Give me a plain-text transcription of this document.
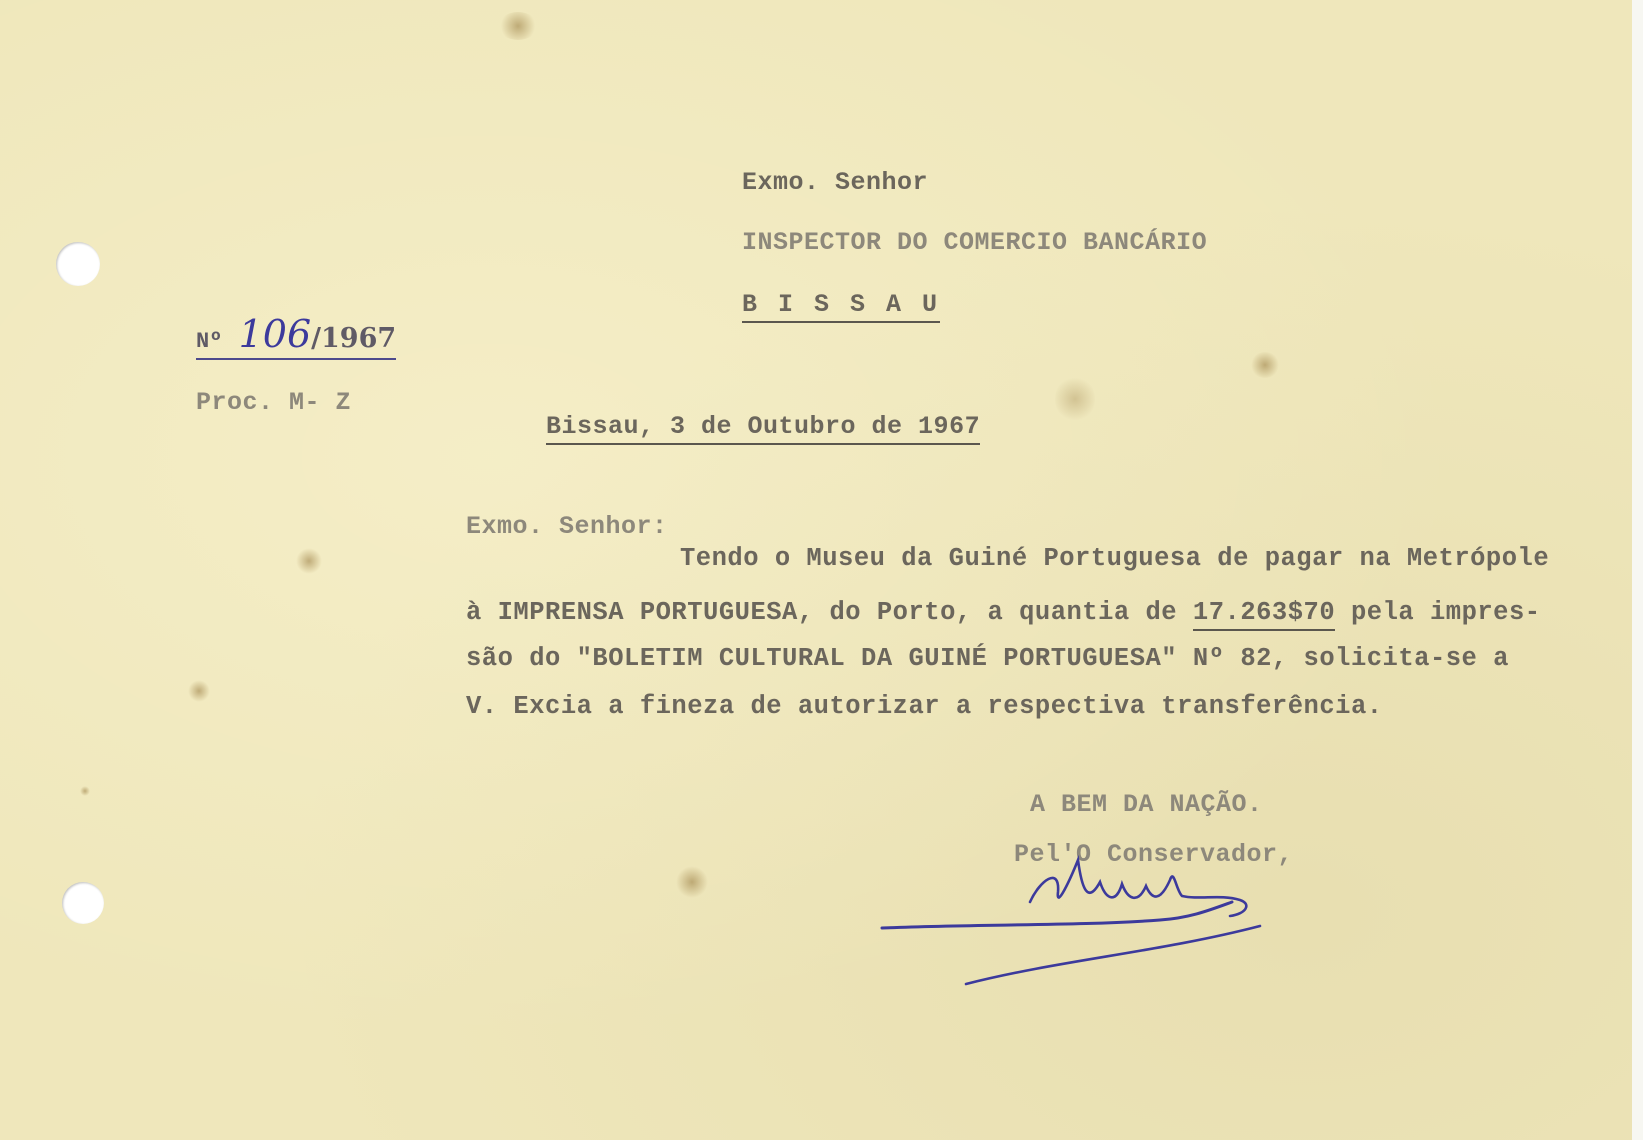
Exmo. Senhor
INSPECTOR DO COMERCIO BANCÁRIO
B I S S A U
Nº 106/1967
Proc. M- Z
Bissau, 3 de Outubro de 1967
Exmo. Senhor:
Tendo o Museu da Guiné Portuguesa de pagar na Metrópole
à IMPRENSA PORTUGUESA, do Porto, a quantia de 17.263$70 pela impres-
são do "BOLETIM CULTURAL DA GUINÉ PORTUGUESA" Nº 82, solicita-se a
V. Excia a fineza de autorizar a respectiva transferência.
A BEM DA NAÇÃO.
Pel'O Conservador,
